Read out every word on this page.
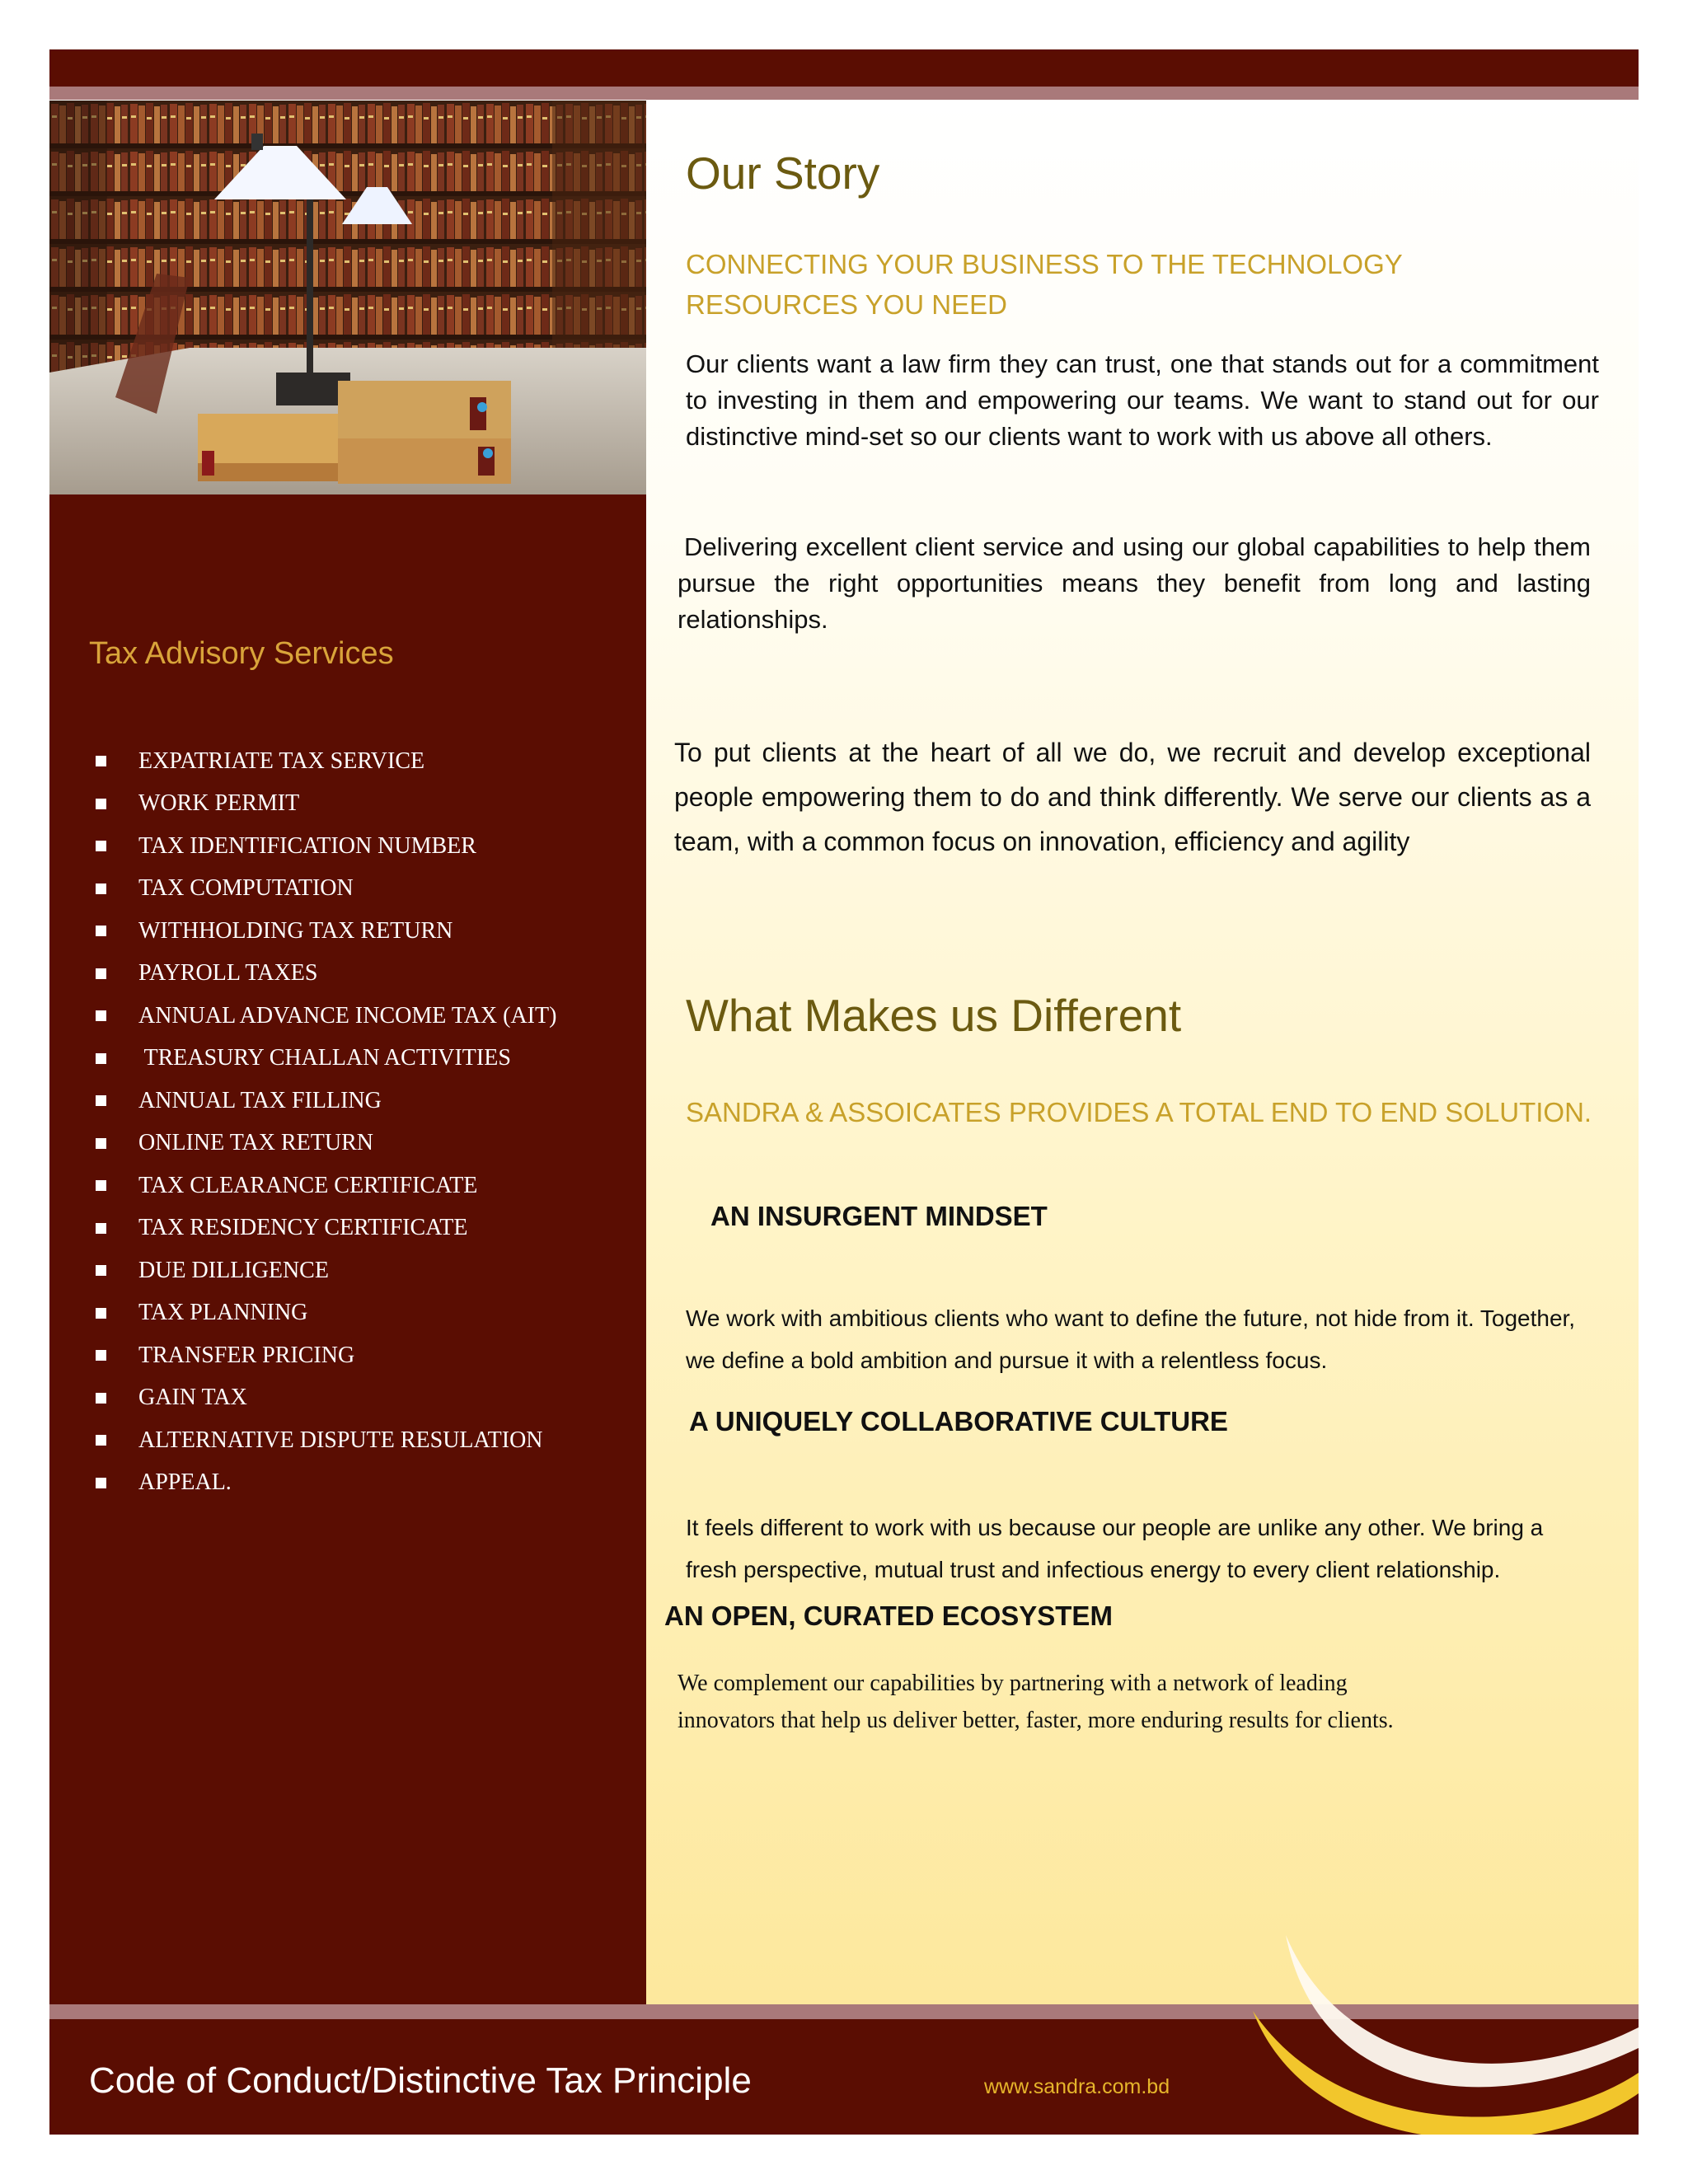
Code of Conduct/Distinctive Tax Principle	www.sandra.com.bd
Tax Advisory Services
EXPATRIATE TAX SERVICE
WORK PERMIT
TAX IDENTIFICATION NUMBER
TAX COMPUTATION
WITHHOLDING TAX RETURN
PAYROLL TAXES
ANNUAL ADVANCE INCOME TAX (AIT)
TREASURY CHALLAN ACTIVITIES
ANNUAL TAX FILLING
ONLINE TAX RETURN
TAX CLEARANCE CERTIFICATE
TAX RESIDENCY CERTIFICATE
DUE DILLIGENCE
TAX PLANNING
TRANSFER PRICING
GAIN TAX
ALTERNATIVE DISPUTE RESULATION
APPEAL.
Our Story
CONNECTING YOUR BUSINESS TO THE TECHNOLOGY RESOURCES YOU NEED

Our clients want a law firm they can trust, one that stands out for a commitment to investing in them and empowering our teams. We want to stand out for our distinctive mind-set so our clients want to work with us above all others.

Delivering excellent client service and using our global capabilities to help them pursue the right opportunities means they benefit from long and lasting relationships.

To put clients at the heart of all we do, we recruit and develop exceptional people empowering them to do and think differently. We serve our clients as a team, with a common focus on innovation, efficiency and agility

What Makes us Different
SANDRA & ASSOICATES PROVIDES A TOTAL END TO END SOLUTION.
AN INSURGENT MINDSET

We work with ambitious clients who want to define the future, not hide from it. Together, we define a bold ambition and pursue it with a relentless focus.

A UNIQUELY COLLABORATIVE CULTURE

It feels different to work with us because our people are unlike any other. We bring a fresh perspective, mutual trust and infectious energy to every client relationship.

AN OPEN, CURATED ECOSYSTEM

We complement our capabilities by partnering with a network of leading innovators that help us deliver better, faster, more enduring results for clients.
